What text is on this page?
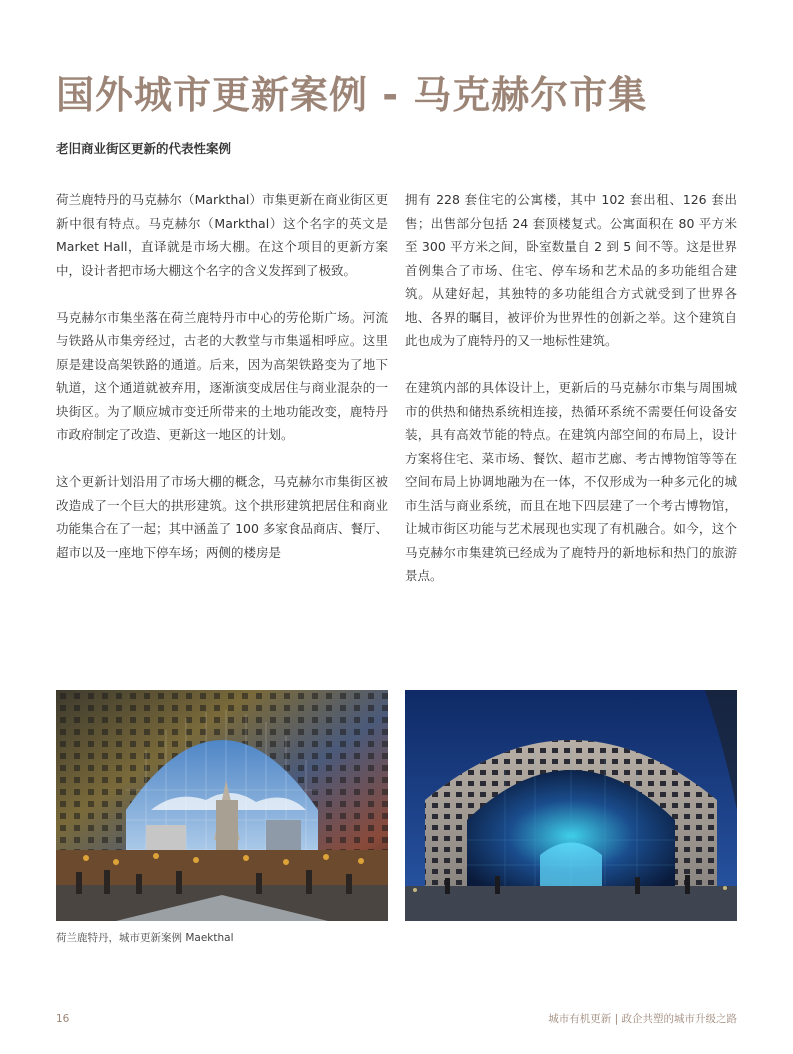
国外城市更新案例 - 马克赫尔市集
老旧商业街区更新的代表性案例

荷兰鹿特丹的马克赫尔（Markthal）市集更新在商业街区更新中很有特点。马克赫尔（Markthal）这个名字的英文是 Market Hall，直译就是市场大棚。在这个项目的更新方案中，设计者把市场大棚这个名字的含义发挥到了极致。

马克赫尔市集坐落在荷兰鹿特丹市中心的劳伦斯广场。河流与铁路从市集旁经过，古老的大教堂与市集遥相呼应。这里原是建设高架铁路的通道。后来，因为高架铁路变为了地下轨道，这个通道就被弃用，逐渐演变成居住与商业混杂的一块街区。为了顺应城市变迁所带来的土地功能改变，鹿特丹市政府制定了改造、更新这一地区的计划。

这个更新计划沿用了市场大棚的概念，马克赫尔市集街区被改造成了一个巨大的拱形建筑。这个拱形建筑把居住和商业功能集合在了一起；其中涵盖了 100 多家食品商店、餐厅、超市以及一座地下停车场；两侧的楼房是

拥有 228 套住宅的公寓楼，其中 102 套出租、126 套出售；出售部分包括 24 套顶楼复式。公寓面积在 80 平方米至 300 平方米之间，卧室数量自 2 到 5 间不等。这是世界首例集合了市场、住宅、停车场和艺术品的多功能组合建筑。从建好起，其独特的多功能组合方式就受到了世界各地、各界的瞩目，被评价为世界性的创新之举。这个建筑自此也成为了鹿特丹的又一地标性建筑。

在建筑内部的具体设计上，更新后的马克赫尔市集与周围城市的供热和储热系统相连接，热循环系统不需要任何设备安装，具有高效节能的特点。在建筑内部空间的布局上，设计方案将住宅、菜市场、餐饮、超市艺廊、考古博物馆等等在空间布局上协调地融为在一体，不仅形成为一种多元化的城市生活与商业系统，而且在地下四层建了一个考古博物馆，让城市街区功能与艺术展现也实现了有机融合。如今，这个马克赫尔市集建筑已经成为了鹿特丹的新地标和热门的旅游景点。

荷兰鹿特丹，城市更新案例 Maekthal
16	城市有机更新 | 政企共塑的城市升级之路
